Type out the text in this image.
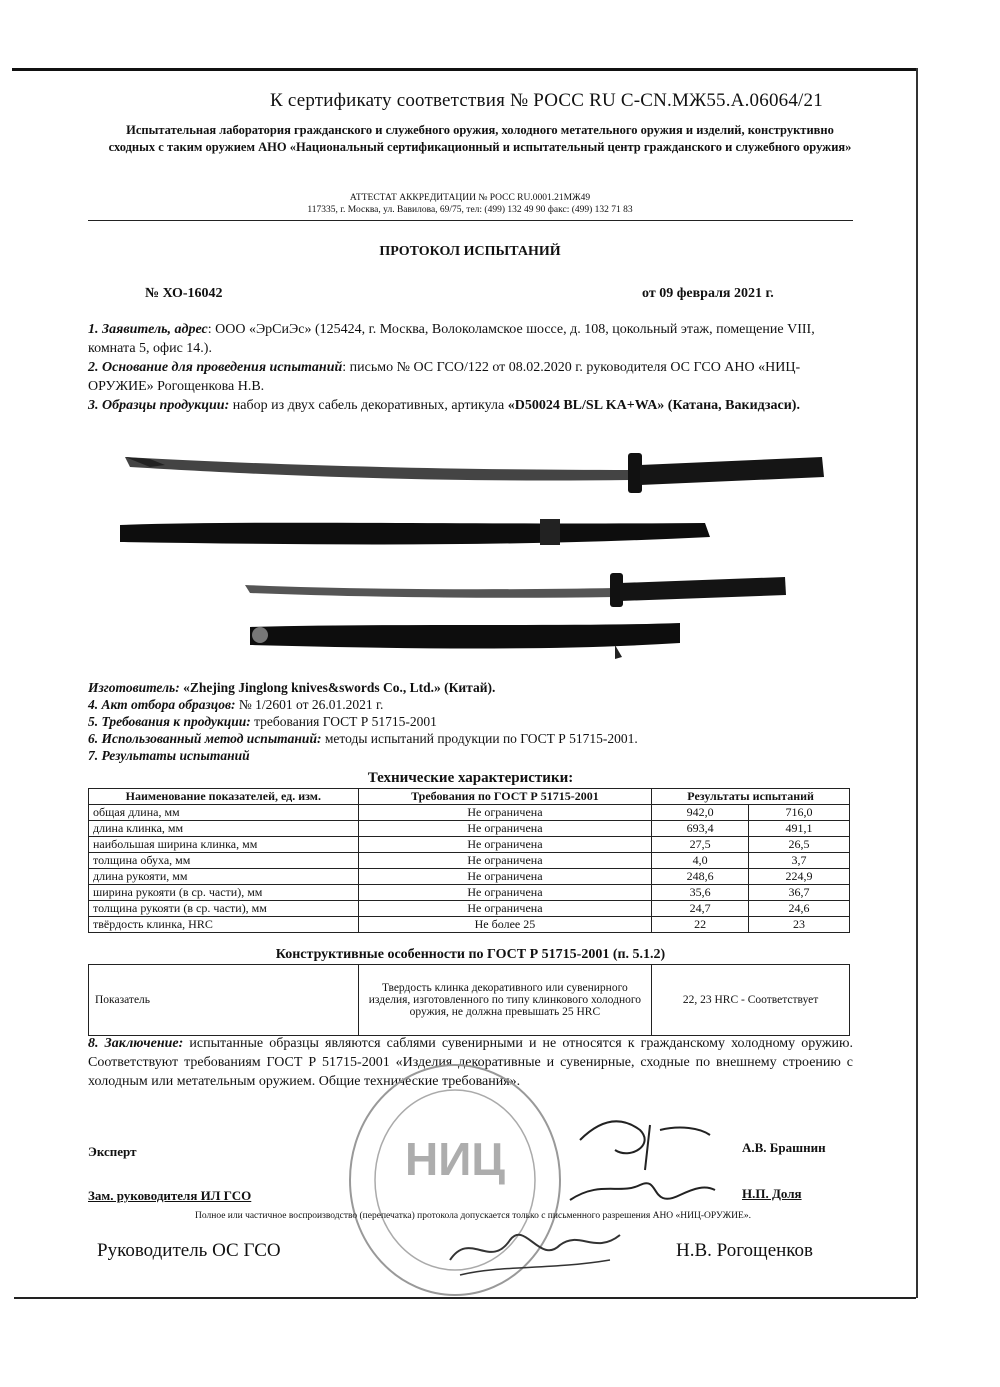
К сертификату соответствия № РОСС RU C-CN.МЖ55.А.06064/21
Испытательная лаборатория гражданского и служебного оружия, холодного метательного оружия и изделий, конструктивно сходных с таким оружием АНО «Национальный сертификационный и испытательный центр гражданского и служебного оружия»
АТТЕСТАТ АККРЕДИТАЦИИ № РОСС RU.0001.21МЖ49
117335, г. Москва, ул. Вавилова, 69/75, тел: (499) 132 49 90 факс: (499) 132 71 83
ПРОТОКОЛ ИСПЫТАНИЙ
№ ХО-16042	от 09 февраля 2021 г.

1. Заявитель, адрес: ООО «ЭрСиЭс» (125424, г. Москва, Волоколамское шоссе, д. 108, цокольный этаж, помещение VIII, комната 5, офис 14.).

2. Основание для проведения испытаний: письмо № ОС ГСО/122 от 08.02.2020 г. руководителя ОС ГСО АНО «НИЦ-ОРУЖИЕ» Рогощенкова Н.В.

3. Образцы продукции: набор из двух сабель декоративных, артикула «D50024 BL/SL KA+WA» (Катана, Вакидзаси).

Изготовитель: «Zhejing Jinglong knives&swords Co., Ltd.» (Китай).

4. Акт отбора образцов: № 1/2601 от 26.01.2021 г.

5. Требования к продукции: требования ГОСТ Р 51715-2001

6. Использованный метод испытаний: методы испытаний продукции по ГОСТ Р 51715-2001.

7. Результаты испытаний

Технические характеристики:
Наименование показателей, ед. изм.	Требования по ГОСТ Р 51715-2001	Результаты испытаний	
общая длина, мм	Не ограничена	942,0	716,0
длина клинка, мм	Не ограничена	693,4	491,1
наибольшая ширина клинка, мм	Не ограничена	27,5	26,5
толщина обуха, мм	Не ограничена	4,0	3,7
длина рукояти, мм	Не ограничена	248,6	224,9
ширина рукояти (в ср. части), мм	Не ограничена	35,6	36,7
толщина рукояти (в ср. части), мм	Не ограничена	24,7	24,6
твёрдость клинка, HRC	Не более 25	22	23
Конструктивные особенности по ГОСТ Р 51715-2001 (п. 5.1.2)
Показатель	Твердость клинка декоративного или сувенирного изделия, изготовленного по типу клинкового холодного оружия, не должна превышать 25 HRC	22, 23 HRC - Соответствует

8. Заключение: испытанные образцы являются саблями сувенирными и не относятся к гражданскому холодному оружию. Соответствуют требованиям ГОСТ Р 51715-2001 «Изделия декоративные и сувенирные, сходные по внешнему строению с холодным или метательным оружием. Общие технические требования».

НИЦ
Эксперт	А.В. Брашнин
Зам. руководителя ИЛ ГСО	Н.П. Доля
Полное или частичное воспроизводство (перепечатка) протокола допускается только с письменного разрешения АНО «НИЦ-ОРУЖИЕ».
Руководитель ОС ГСО	Н.В. Рогощенков
